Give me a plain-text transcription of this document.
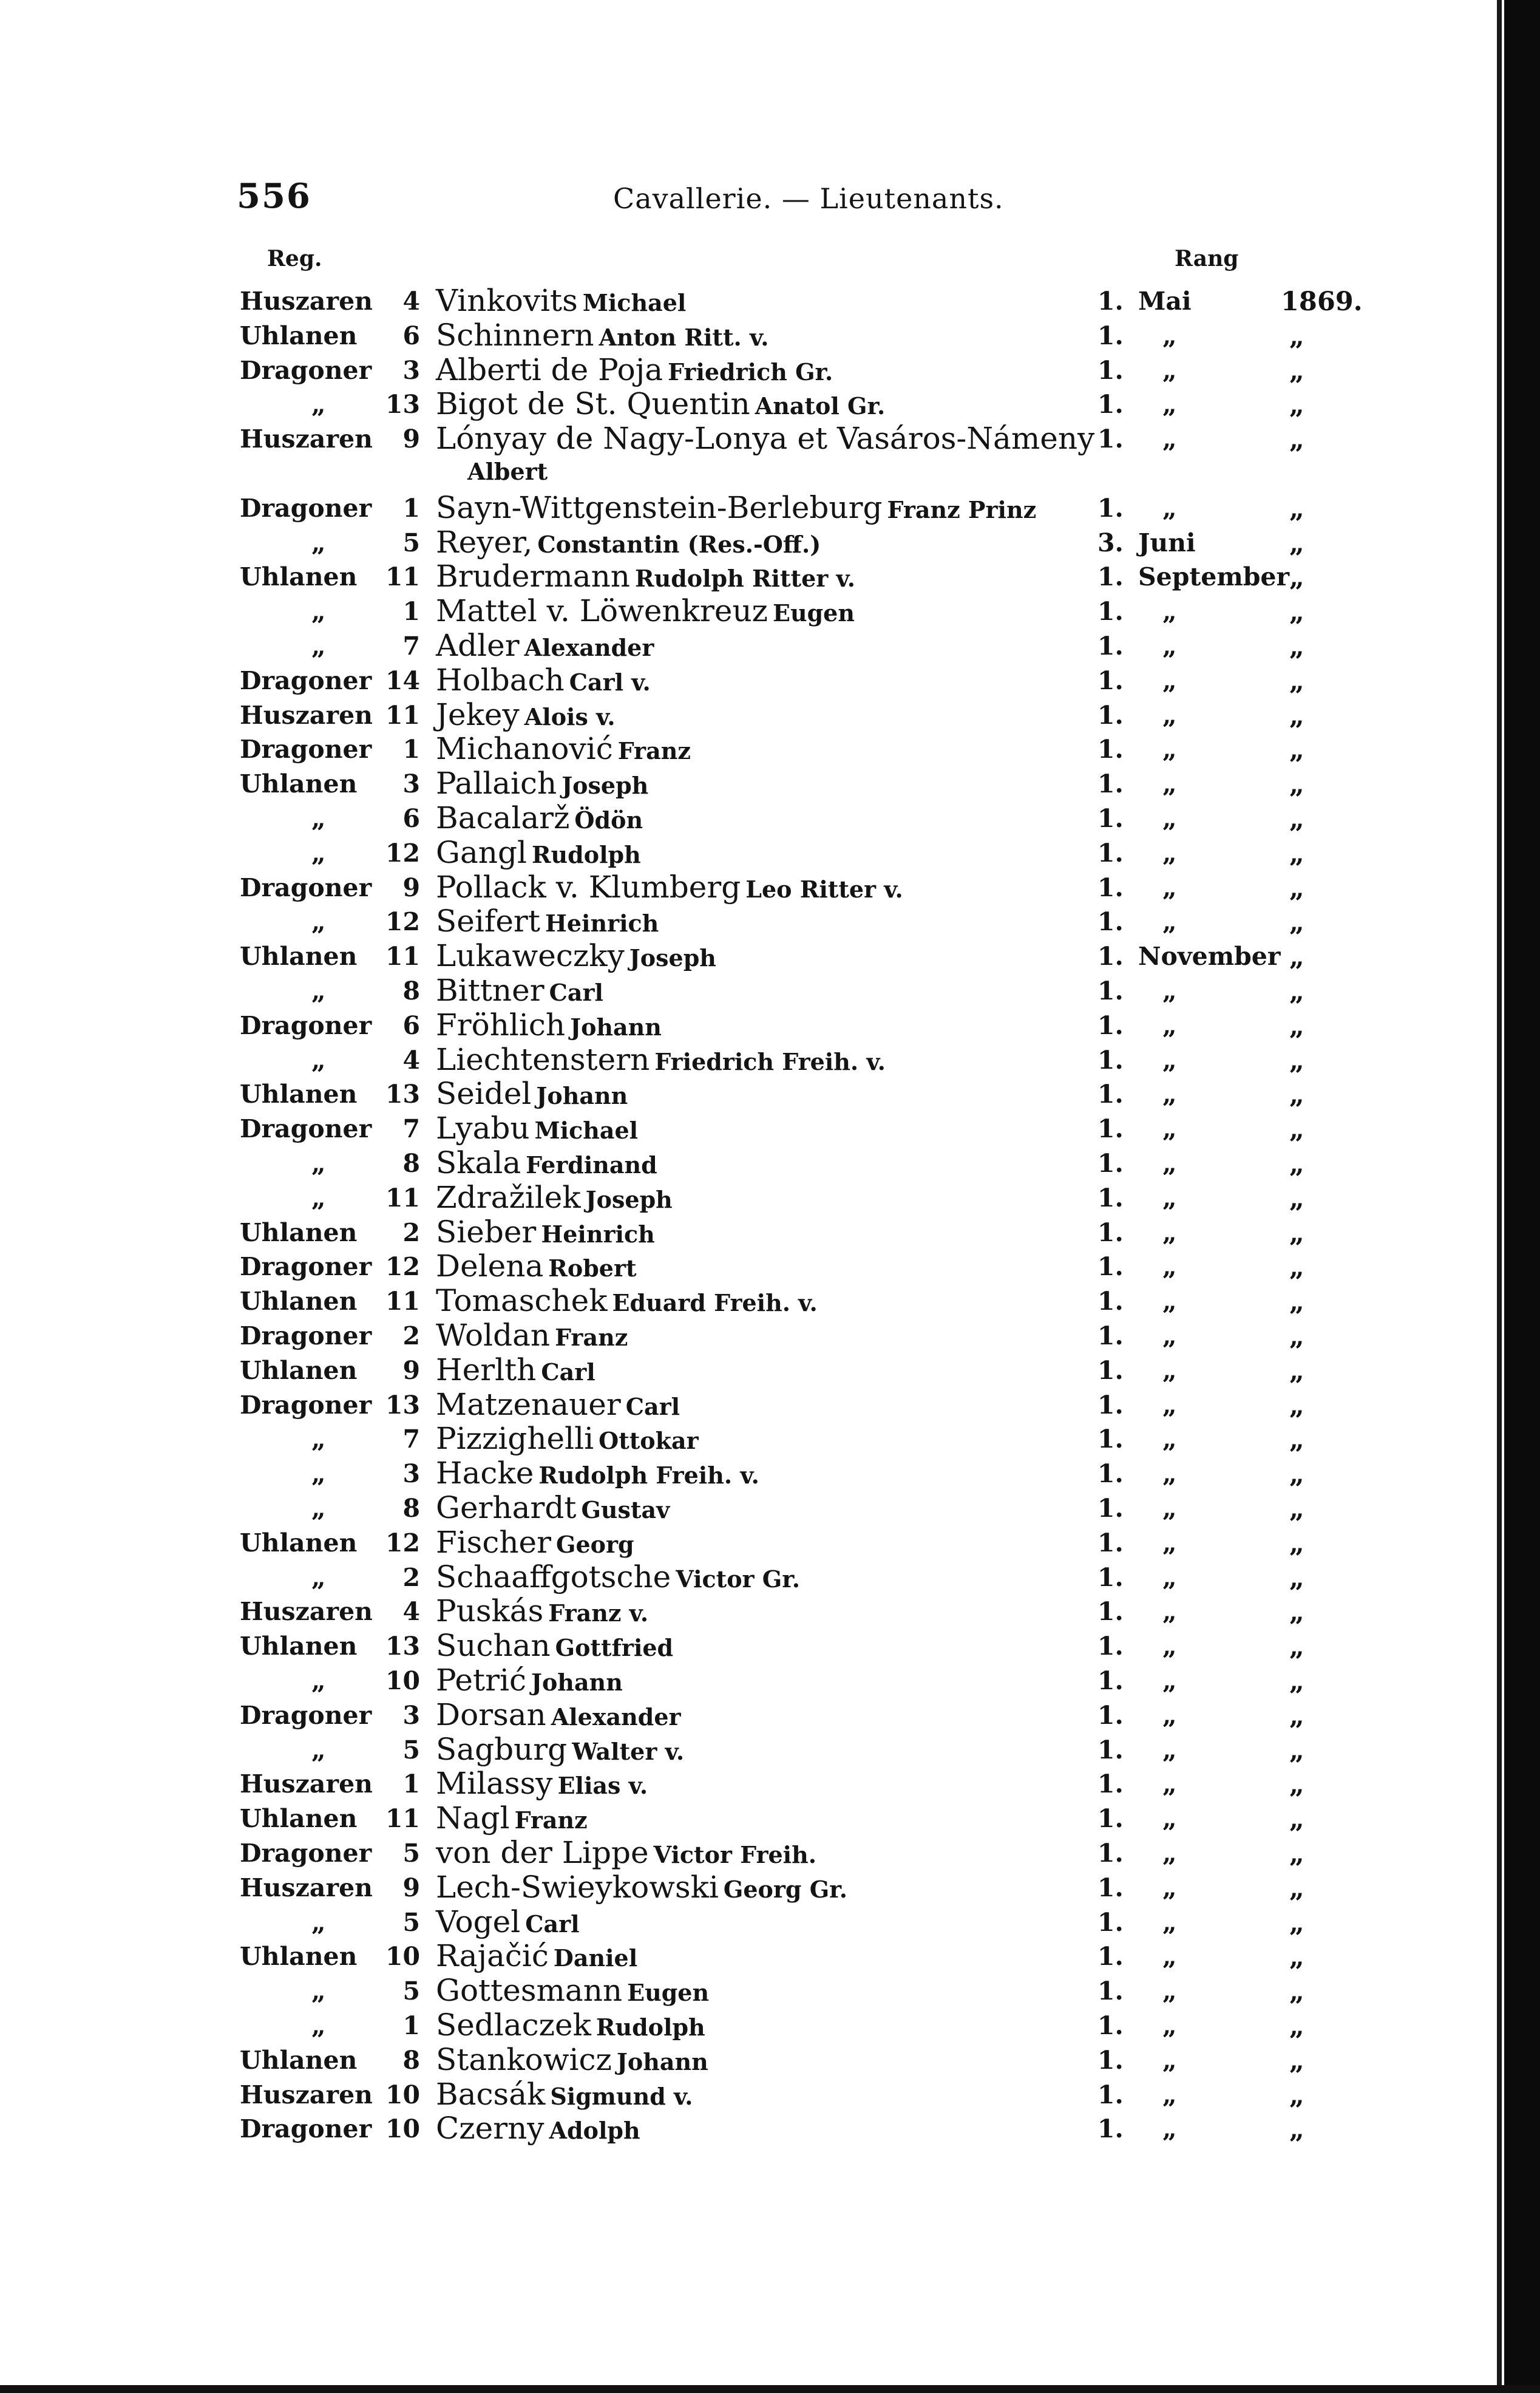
556	Cavallerie. — Lieutenants.
Reg.	Rang
Huszaren	4 Vinkovits Michael	1. Mai	1869.
Uhlanen	6 Schinnern Anton Ritt. v.	1.	„	„
Dragoner	3 Alberti de Poja Friedrich Gr.	1.	„	„
„	13 Bigot de St. Quentin Anatol Gr.	1.	„	„
Huszaren	9 Lónyay de Nagy-Lonya et Vasáros-Námeny 1.	„	„
Albert
Dragoner	1 Sayn-Wittgenstein-Berleburg Franz Prinz	1.	„	„
„	5 Reyer, Constantin (Res.-Off.)	3. Juni	„
Uhlanen	11 Brudermann Rudolph Ritter v.	1. September „
„	1 Mattel v. Löwenkreuz Eugen	1.	„	„
„	7 Adler Alexander	1.	„	„
Dragoner 14 Holbach Carl v.	1.	„	„
Huszaren 11 Jekey Alois v.	1.	„	„
Dragoner	1 Michanović Franz	1.	„	„
Uhlanen	3 Pallaich Joseph	1.	„	„
„	6 Bacalarž Ödön	1.	„	„
„	12 Gangl Rudolph	1.	„	„
Dragoner	9 Pollack v. Klumberg Leo Ritter v.	1.	„	„
„	12 Seifert Heinrich	1.	„	„
Uhlanen	11 Lukaweczky Joseph	1. November „
„	8 Bittner Carl	1.	„	„
Dragoner	6 Fröhlich Johann	1.	„	„
„	4 Liechtenstern Friedrich Freih. v.	1.	„	„
Uhlanen	13 Seidel Johann	1.	„	„
Dragoner	7 Lyabu Michael	1.	„	„
„	8 Skala Ferdinand	1.	„	„
„	11 Zdražilek Joseph	1.	„	„
Uhlanen	2 Sieber Heinrich	1.	„	„
Dragoner 12 Delena Robert	1.	„	„
Uhlanen	11 Tomaschek Eduard Freih. v.	1.	„	„
Dragoner	2 Woldan Franz	1.	„	„
Uhlanen	9 Herlth Carl	1.	„	„
Dragoner 13 Matzenauer Carl	1.	„	„
„	7 Pizzighelli Ottokar	1.	„	„
„	3 Hacke Rudolph Freih. v.	1.	„	„
„	8 Gerhardt Gustav	1.	„	„
Uhlanen	12 Fischer Georg	1.	„	„
„	2 Schaaffgotsche Victor Gr.	1.	„	„
Huszaren	4 Puskás Franz v.	1.	„	„
Uhlanen	13 Suchan Gottfried	1.	„	„
„	10 Petrić Johann	1.	„	„
Dragoner	3 Dorsan Alexander	1.	„	„
„	5 Sagburg Walter v.	1.	„	„
Huszaren	1 Milassy Elias v.	1.	„	„
Uhlanen	11 Nagl Franz	1.	„	„
Dragoner	5 von der Lippe Victor Freih.	1.	„	„
Huszaren	9 Lech-Swieykowski Georg Gr.	1.	„	„
„	5 Vogel Carl	1.	„	„
Uhlanen	10 Rajačić Daniel	1.	„	„
„	5 Gottesmann Eugen	1.	„	„
„	1 Sedlaczek Rudolph	1.	„	„
Uhlanen	8 Stankowicz Johann	1.	„	„
Huszaren 10 Bacsák Sigmund v.	1.	„	„
Dragoner 10 Czerny Adolph	1.	„	„
